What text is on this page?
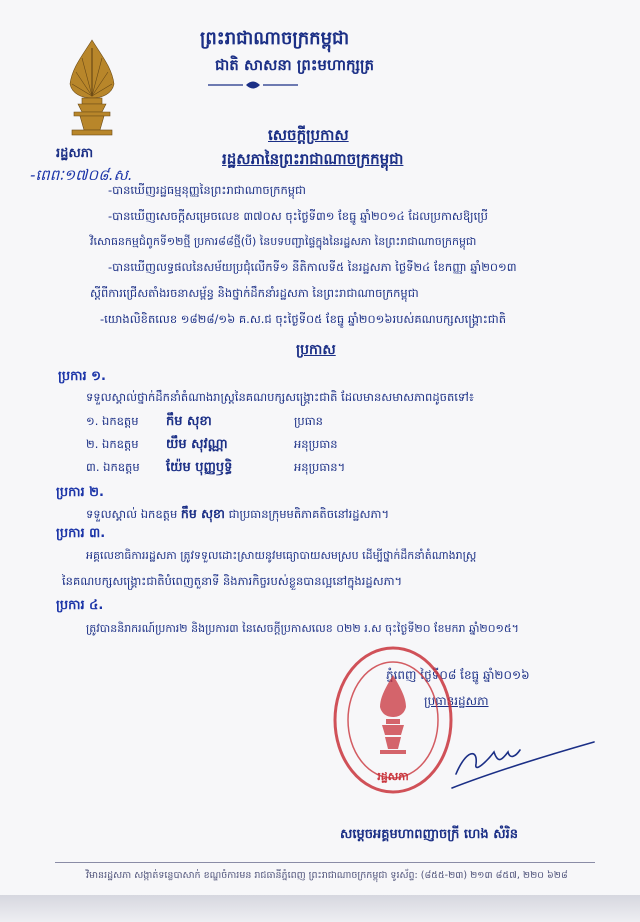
ព្រះរាជាណាចក្រកម្ពុជា
ជាតិ សាសនា ព្រះមហាក្សត្រ
រដ្ឋសភា
-ពេពៈ១៧០៨.ស.
សេចក្តីប្រកាស
រដ្ឋសភានៃព្រះរាជាណាចក្រកម្ពុជា
-បានឃើញរដ្ឋធម្មនុញ្ញនៃព្រះរាជាណាចក្រកម្ពុជា
-បានឃើញសេចក្តីសម្រេចលេខ ៣៧០ស ចុះថ្ងៃទី៣១ ខែធ្នូ ឆ្នាំ២០១៤ ដែលប្រកាសឱ្យប្រើ
វិសោធនកម្មជំពូកទី១២ថ្មី ប្រការ៨៨ថ្មី(បី) នៃបទបញ្ជាផ្ទៃក្នុងនៃរដ្ឋសភា នៃព្រះរាជាណាចក្រកម្ពុជា
-បានឃើញលទ្ធផលនៃសម័យប្រជុំលើកទី១ នីតិកាលទី៥ នៃរដ្ឋសភា ថ្ងៃទី២៤ ខែកញ្ញា ឆ្នាំ២០១៣
ស្តីពីការជ្រើសតាំងរចនាសម្ព័ន្ធ និងថ្នាក់ដឹកនាំរដ្ឋសភា នៃព្រះរាជាណាចក្រកម្ពុជា
-យោងលិខិតលេខ ១៨២៨/១៦ គ.ស.ជ ចុះថ្ងៃទី០៥ ខែធ្នូ ឆ្នាំ២០១៦របស់គណបក្សសង្គ្រោះជាតិ
ប្រកាស
ប្រការ ១.
ទទួលស្គាល់ថ្នាក់ដឹកនាំតំណាងរាស្ត្រនៃគណបក្សសង្គ្រោះជាតិ ដែលមានសមាសភាពដូចតទៅ៖
១. ឯកឧត្តម កឹម សុខា	ប្រធាន
២. ឯកឧត្តម យឹម សុវណ្ណា	អនុប្រធាន
៣. ឯកឧត្តម យ៉ែម បុញ្ញឫទ្ធិ	អនុប្រធាន។
ប្រការ ២.
ទទួលស្គាល់ ឯកឧត្តម កឹម សុខា ជាប្រធានក្រុមមតិភាគតិចនៅរដ្ឋសភា។
ប្រការ ៣.
អគ្គលេខាធិការរដ្ឋសភា ត្រូវទទួលដោះស្រាយនូវមធ្យោបាយសមស្រប ដើម្បីថ្នាក់ដឹកនាំតំណាងរាស្ត្រ
នៃគណបក្សសង្គ្រោះជាតិបំពេញតួនាទី និងភារកិច្ចរបស់ខ្លួនបានល្អនៅក្នុងរដ្ឋសភា។
ប្រការ ៤.
ត្រូវបាននិរាករណ៍ប្រការ២ និងប្រការ៣ នៃសេចក្តីប្រកាសលេខ ០២២ រ.ស ចុះថ្ងៃទី២០ ខែមករា ឆ្នាំ២០១៥។
ភ្នំពេញ ថ្ងៃទី០៨ ខែធ្នូ ឆ្នាំ២០១៦
ប្រធានរដ្ឋសភា
រដ្ឋសភា
សម្តេចអគ្គមហាពញាចក្រី ហេង សំរិន
វិមានរដ្ឋសភា សង្កាត់ទន្លេបាសាក់ ខណ្ឌចំការមន រាជធានីភ្នំពេញ ព្រះរាជាណាចក្រកម្ពុជា ទូរស័ព្ទ: (៨៥៥-២៣) ២១៣ ៨៥៧, ២២០ ៦២៨
